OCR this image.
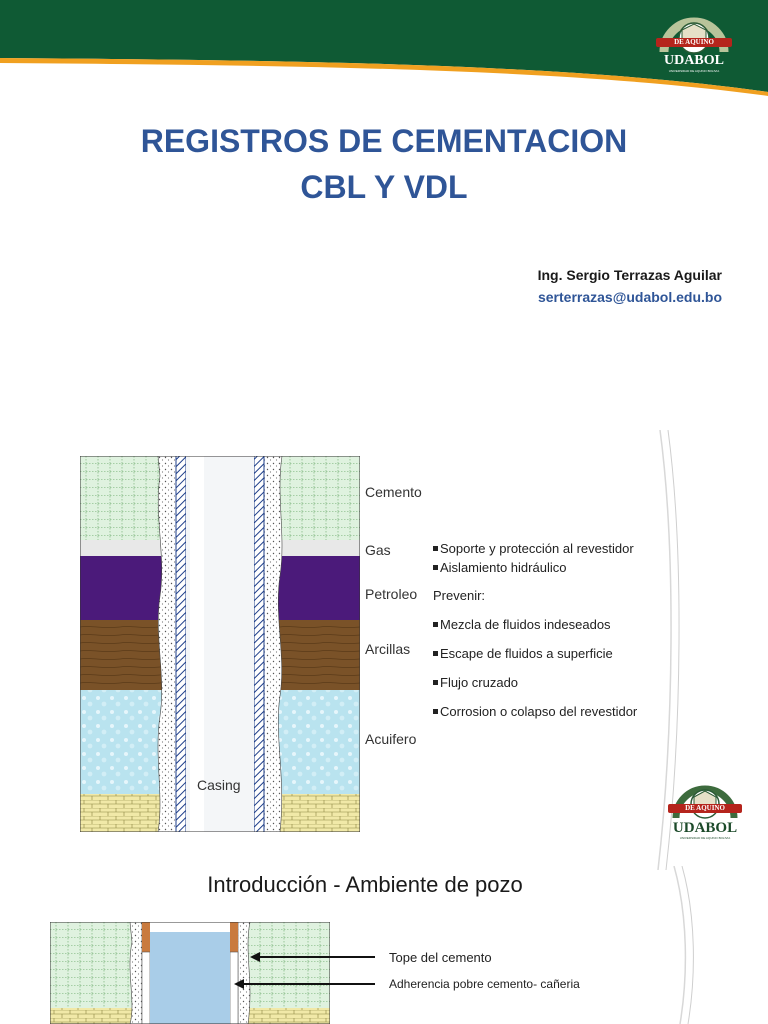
DE AQUINO
UDABOL
UNIVERSIDAD DE AQUINO BOLIVIA
REGISTROS DE CEMENTACION
CBL Y VDL
Ing. Sergio Terrazas Aguilar
serterrazas@udabol.edu.bo
Cemento
Gas
Petroleo
Arcillas
Acuifero
Casing
Soporte y protección al revestidor
Aislamiento hidráulico
Prevenir:
Mezcla de fluidos indeseados
Escape de fluidos a superficie
Flujo cruzado
Corrosion o colapso del revestidor
DE AQUINO
UDABOL
UNIVERSIDAD DE AQUINO BOLIVIA
Introducción - Ambiente de pozo
Tope del cemento
Adherencia pobre cemento- cañeria
